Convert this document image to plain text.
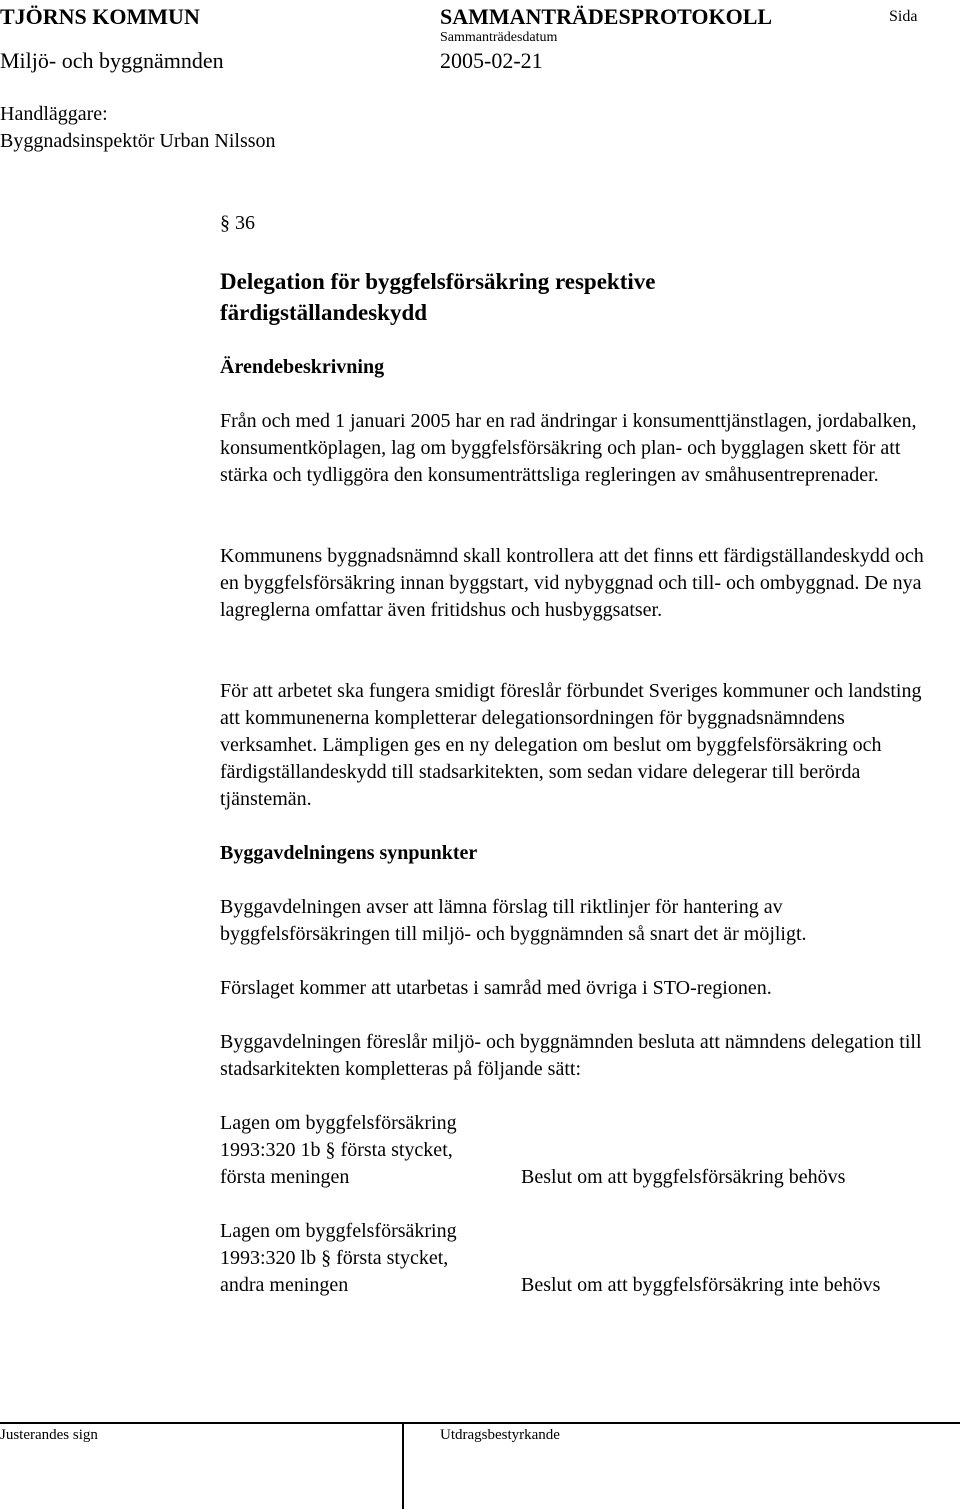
TJÖRNS KOMMUN	SAMMANTRÄDESPROTOKOLL	Sida
Sammanträdesdatum
Miljö- och byggnämnden	2005-02-21
Handläggare:
Byggnadsinspektör Urban Nilsson
§ 36
Delegation för byggfelsförsäkring respektive färdigställandeskydd
Ärendebeskrivning
Från och med 1 januari 2005 har en rad ändringar i konsumenttjänstlagen, jordabalken, konsumentköplagen, lag om byggfelsförsäkring och plan- och bygglagen skett för att stärka och tydliggöra den konsumenträttsliga regleringen av småhusentreprenader.
Kommunens byggnadsnämnd skall kontrollera att det finns ett färdigställandeskydd och en byggfelsförsäkring innan byggstart, vid nybyggnad och till- och ombyggnad. De nya lagreglerna omfattar även fritidshus och husbyggsatser.
För att arbetet ska fungera smidigt föreslår förbundet Sveriges kommuner och landsting att kommunenerna kompletterar delegationsordningen för byggnadsnämndens verksamhet. Lämpligen ges en ny delegation om beslut om byggfelsförsäkring och färdigställandeskydd till stadsarkitekten, som sedan vidare delegerar till berörda tjänstemän.
Byggavdelningens synpunkter
Byggavdelningen avser att lämna förslag till riktlinjer för hantering av byggfelsförsäkringen till miljö- och byggnämnden så snart det är möjligt.
Förslaget kommer att utarbetas i samråd med övriga i STO-regionen.
Byggavdelningen föreslår miljö- och byggnämnden besluta att nämndens delegation till stadsarkitekten kompletteras på följande sätt:
Lagen om byggfelsförsäkring
1993:320 1b § första stycket,
första meningen	Beslut om att byggfelsförsäkring behövs
Lagen om byggfelsförsäkring
1993:320 lb § första stycket,
andra meningen	Beslut om att byggfelsförsäkring inte behövs
Justerandes sign	Utdragsbestyrkande
